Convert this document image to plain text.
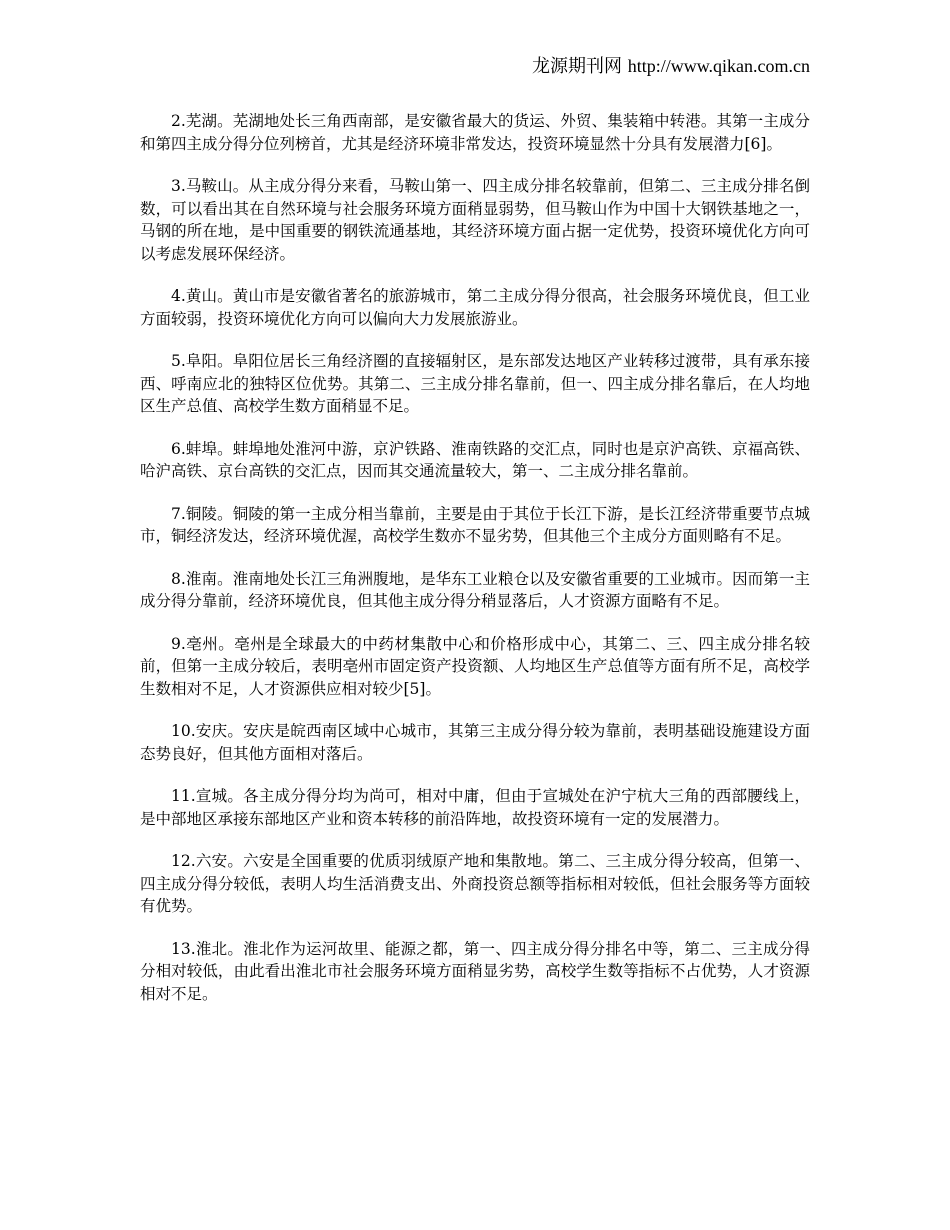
龙源期刊网 http://www.qikan.com.cn

2.芜湖。芜湖地处长三角西南部，是安徽省最大的货运、外贸、集装箱中转港。其第一主成分和第四主成分得分位列榜首，尤其是经济环境非常发达，投资环境显然十分具有发展潜力[6]。

3.马鞍山。从主成分得分来看，马鞍山第一、四主成分排名较靠前，但第二、三主成分排名倒数，可以看出其在自然环境与社会服务环境方面稍显弱势，但马鞍山作为中国十大钢铁基地之一，马钢的所在地，是中国重要的钢铁流通基地，其经济环境方面占据一定优势，投资环境优化方向可以考虑发展环保经济。

4.黄山。黄山市是安徽省著名的旅游城市，第二主成分得分很高，社会服务环境优良，但工业方面较弱，投资环境优化方向可以偏向大力发展旅游业。

5.阜阳。阜阳位居长三角经济圈的直接辐射区，是东部发达地区产业转移过渡带，具有承东接西、呼南应北的独特区位优势。其第二、三主成分排名靠前，但一、四主成分排名靠后，在人均地区生产总值、高校学生数方面稍显不足。

6.蚌埠。蚌埠地处淮河中游，京沪铁路、淮南铁路的交汇点，同时也是京沪高铁、京福高铁、哈沪高铁、京台高铁的交汇点，因而其交通流量较大，第一、二主成分排名靠前。

7.铜陵。铜陵的第一主成分相当靠前，主要是由于其位于长江下游，是长江经济带重要节点城市，铜经济发达，经济环境优渥，高校学生数亦不显劣势，但其他三个主成分方面则略有不足。

8.淮南。淮南地处长江三角洲腹地，是华东工业粮仓以及安徽省重要的工业城市。因而第一主成分得分靠前，经济环境优良，但其他主成分得分稍显落后，人才资源方面略有不足。

9.亳州。亳州是全球最大的中药材集散中心和价格形成中心，其第二、三、四主成分排名较前，但第一主成分较后，表明亳州市固定资产投资额、人均地区生产总值等方面有所不足，高校学生数相对不足，人才资源供应相对较少[5]。

10.安庆。安庆是皖西南区域中心城市，其第三主成分得分较为靠前，表明基础设施建设方面态势良好，但其他方面相对落后。

11.宣城。各主成分得分均为尚可，相对中庸，但由于宣城处在沪宁杭大三角的西部腰线上，是中部地区承接东部地区产业和资本转移的前沿阵地，故投资环境有一定的发展潜力。

12.六安。六安是全国重要的优质羽绒原产地和集散地。第二、三主成分得分较高，但第一、四主成分得分较低，表明人均生活消费支出、外商投资总额等指标相对较低，但社会服务等方面较有优势。

13.淮北。淮北作为运河故里、能源之都，第一、四主成分得分排名中等，第二、三主成分得分相对较低，由此看出淮北市社会服务环境方面稍显劣势，高校学生数等指标不占优势，人才资源相对不足。
